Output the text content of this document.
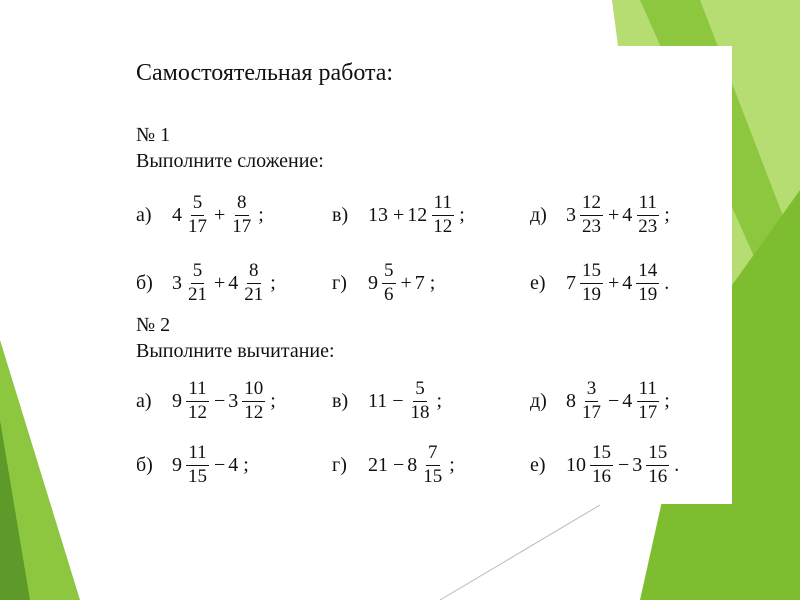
Самостоятельная работа:
№ 1
Выполните сложение:
№ 2
Выполните вычитание:
а)	$4 \frac{5}{17} + \frac{8}{17}$ ;	в) $13 + 12 \frac{11}{12}$ ;	д) $3 \frac{12}{23} + 4 \frac{11}{23}$ ;
б) $3 \frac{5}{21} + 4 \frac{8}{21}$ ;	г)	$9 \frac{5}{6} + 7$ ;	е)	$7 \frac{15}{19} + 4 \frac{14}{19}$ .
а)	$9 \frac{11}{12} - 3 \frac{10}{12}$ ;	в) $11 - \frac{5}{18}$ ;	д) $8 \frac{3}{17} - 4 \frac{11}{17}$ ;
б) $9 \frac{11}{15} - 4$ ;	г)	$21 - 8 \frac{7}{15}$ ;	е)	$10 \frac{15}{16} - 3 \frac{15}{16}$ .
